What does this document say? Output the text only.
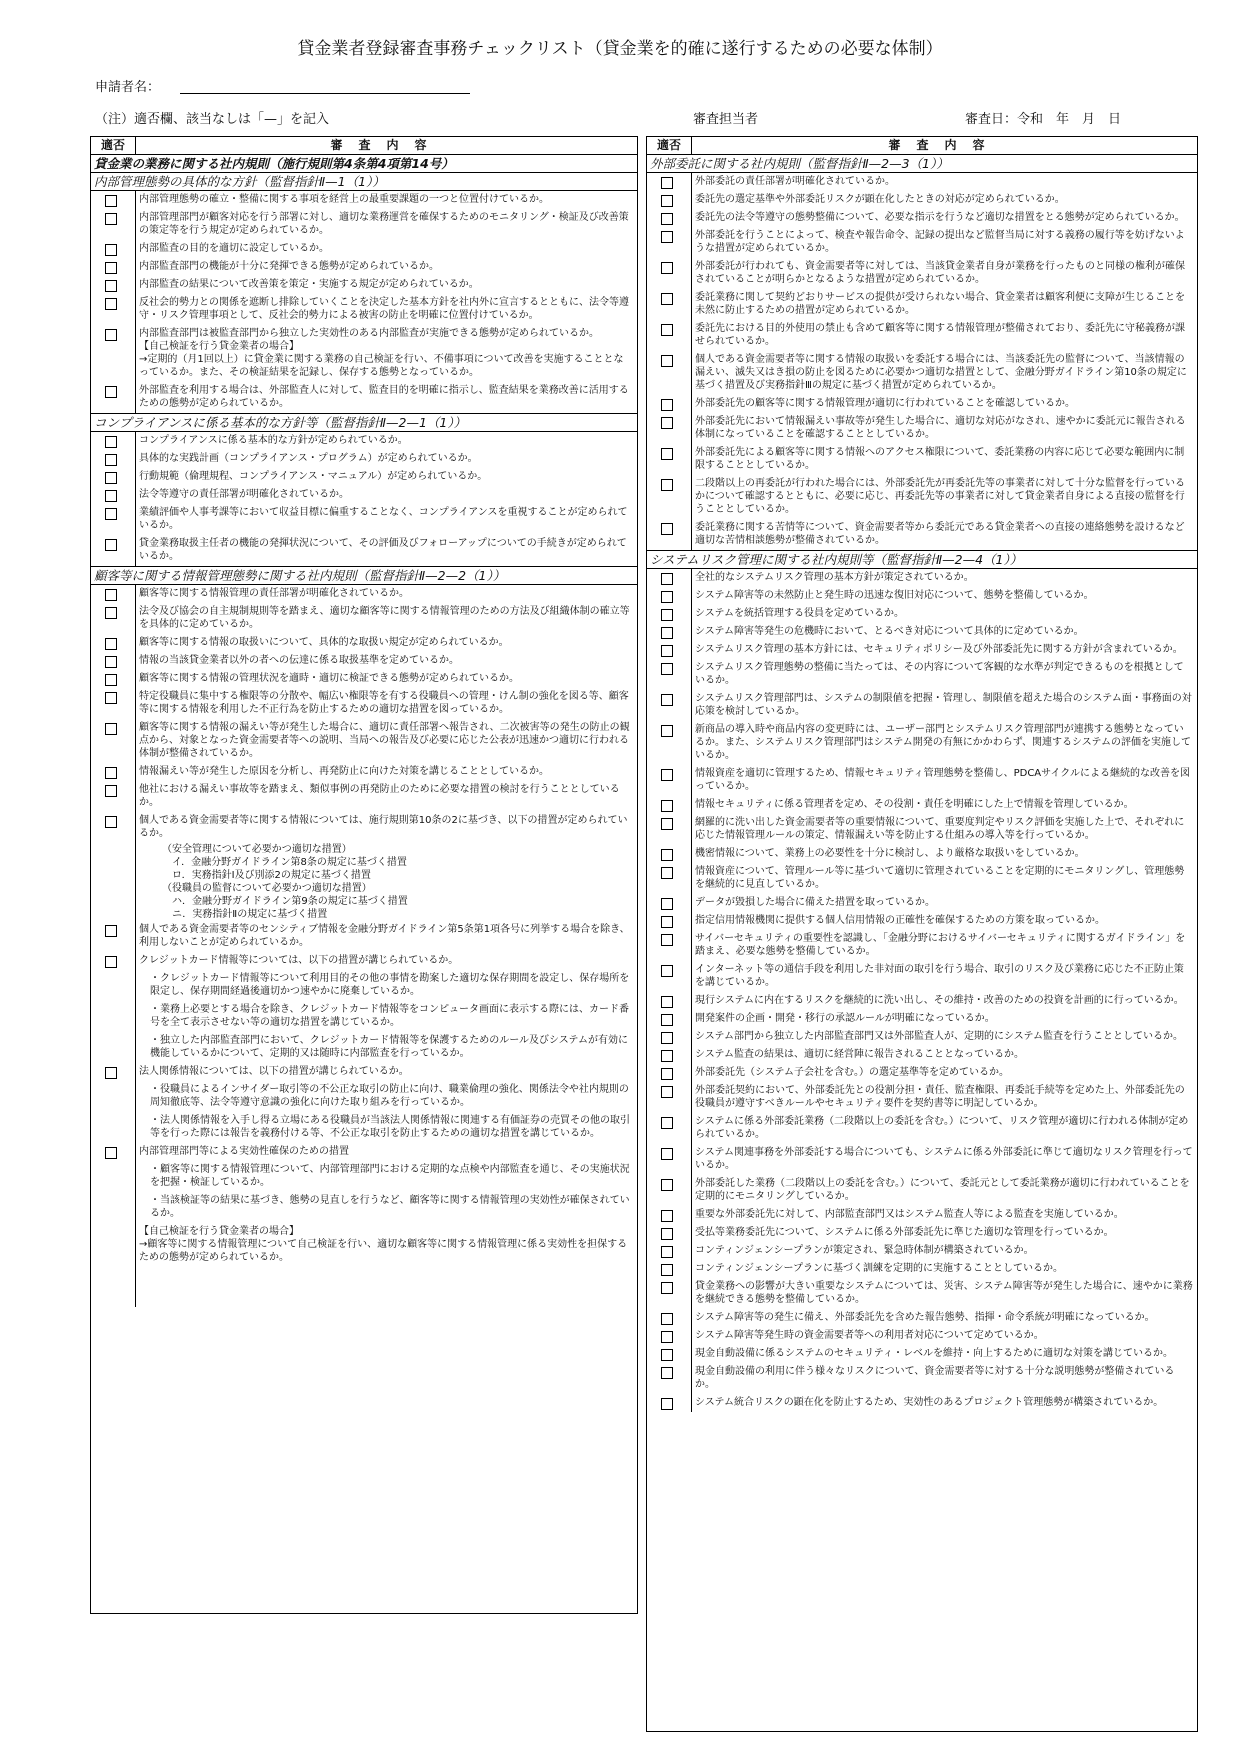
貸金業者登録審査事務チェックリスト（貸金業を的確に遂行するための必要な体制）
申請者名：
（注）適否欄、該当なしは「—」を記入	審査担当者	審査日：令和　年　月　日
適否	審査内容
貸金業の業務に関する社内規則（施行規則第4条第4項第14号）
内部管理態勢の具体的な方針（監督指針Ⅱ—1（1））
内部管理態勢の確立・整備に関する事項を経営上の最重要課題の一つと位置付けているか。
内部管理部門が顧客対応を行う部署に対し、適切な業務運営を確保するためのモニタリング・検証及び改善策の策定等を行う規定が定められているか。
内部監査の目的を適切に設定しているか。
内部監査部門の機能が十分に発揮できる態勢が定められているか。
内部監査の結果について改善策を策定・実施する規定が定められているか。
反社会的勢力との関係を遮断し排除していくことを決定した基本方針を社内外に宣言するとともに、法令等遵守・リスク管理事項として、反社会的勢力による被害の防止を明確に位置付けているか。
内部監査部門は被監査部門から独立した実効性のある内部監査が実施できる態勢が定められているか。
【自己検証を行う貸金業者の場合】
→定期的（月1回以上）に貸金業に関する業務の自己検証を行い、不備事項について改善を実施することとなっているか。また、その検証結果を記録し、保存する態勢となっているか。
外部監査を利用する場合は、外部監査人に対して、監査目的を明確に指示し、監査結果を業務改善に活用するための態勢が定められているか。
コンプライアンスに係る基本的な方針等（監督指針Ⅱ—2—1（1））
コンプライアンスに係る基本的な方針が定められているか。
具体的な実践計画（コンプライアンス・プログラム）が定められているか。
行動規範（倫理規程、コンプライアンス・マニュアル）が定められているか。
法令等遵守の責任部署が明確化されているか。
業績評価や人事考課等において収益目標に偏重することなく、コンプライアンスを重視することが定められているか。
貸金業務取扱主任者の機能の発揮状況について、その評価及びフォローアップについての手続きが定められているか。
顧客等に関する情報管理態勢に関する社内規則（監督指針Ⅱ—2—2（1））
顧客等に関する情報管理の責任部署が明確化されているか。
法令及び協会の自主規制規則等を踏まえ、適切な顧客等に関する情報管理のための方法及び組織体制の確立等を具体的に定めているか。
顧客等に関する情報の取扱いについて、具体的な取扱い規定が定められているか。
情報の当該貸金業者以外の者への伝達に係る取扱基準を定めているか。
顧客等に関する情報の管理状況を適時・適切に検証できる態勢が定められているか。
特定役職員に集中する権限等の分散や、幅広い権限等を有する役職員への管理・けん制の強化を図る等、顧客等に関する情報を利用した不正行為を防止するための適切な措置を図っているか。
顧客等に関する情報の漏えい等が発生した場合に、適切に責任部署へ報告され、二次被害等の発生の防止の観点から、対象となった資金需要者等への説明、当局への報告及び必要に応じた公表が迅速かつ適切に行われる体制が整備されているか。
情報漏えい等が発生した原因を分析し、再発防止に向けた対策を講じることとしているか。
他社における漏えい事故等を踏まえ、類似事例の再発防止のために必要な措置の検討を行うこととしているか。
個人である資金需要者等に関する情報については、施行規則第10条の2に基づき、以下の措置が定められているか。
（安全管理について必要かつ適切な措置）
イ．金融分野ガイドライン第8条の規定に基づく措置
ロ．実務指針Ⅰ及び別添2の規定に基づく措置
（役職員の監督について必要かつ適切な措置）
ハ．金融分野ガイドライン第9条の規定に基づく措置
ニ．実務指針Ⅱの規定に基づく措置
個人である資金需要者等のセンシティブ情報を金融分野ガイドライン第5条第1項各号に列挙する場合を除き、利用しないことが定められているか。
クレジットカード情報等については、以下の措置が講じられているか。
・クレジットカード情報等について利用目的その他の事情を勘案した適切な保存期間を設定し、保存場所を限定し、保存期間経過後適切かつ速やかに廃棄しているか。
・業務上必要とする場合を除き、クレジットカード情報等をコンピュータ画面に表示する際には、カード番号を全て表示させない等の適切な措置を講じているか。
・独立した内部監査部門において、クレジットカード情報等を保護するためのルール及びシステムが有効に機能しているかについて、定期的又は随時に内部監査を行っているか。
法人関係情報については、以下の措置が講じられているか。
・役職員によるインサイダー取引等の不公正な取引の防止に向け、職業倫理の強化、関係法令や社内規則の周知徹底等、法令等遵守意識の強化に向けた取り組みを行っているか。
・法人関係情報を入手し得る立場にある役職員が当該法人関係情報に関連する有価証券の売買その他の取引等を行った際には報告を義務付ける等、不公正な取引を防止するための適切な措置を講じているか。
内部管理部門等による実効性確保のための措置
・顧客等に関する情報管理について、内部管理部門における定期的な点検や内部監査を通じ、その実施状況を把握・検証しているか。
・当該検証等の結果に基づき、態勢の見直しを行うなど、顧客等に関する情報管理の実効性が確保されているか。
【自己検証を行う貸金業者の場合】
→顧客等に関する情報管理について自己検証を行い、適切な顧客等に関する情報管理に係る実効性を担保するための態勢が定められているか。
適否	審査内容
外部委託に関する社内規則（監督指針Ⅱ—2—3（1））
外部委託の責任部署が明確化されているか。
委託先の選定基準や外部委託リスクが顕在化したときの対応が定められているか。
委託先の法令等遵守の態勢整備について、必要な指示を行うなど適切な措置をとる態勢が定められているか。
外部委託を行うことによって、検査や報告命令、記録の提出など監督当局に対する義務の履行等を妨げないような措置が定められているか。
外部委託が行われても、資金需要者等に対しては、当該貸金業者自身が業務を行ったものと同様の権利が確保されていることが明らかとなるような措置が定められているか。
委託業務に関して契約どおりサービスの提供が受けられない場合、貸金業者は顧客利便に支障が生じることを未然に防止するための措置が定められているか。
委託先における目的外使用の禁止も含めて顧客等に関する情報管理が整備されており、委託先に守秘義務が課せられているか。
個人である資金需要者等に関する情報の取扱いを委託する場合には、当該委託先の監督について、当該情報の漏えい、滅失又はき損の防止を図るために必要かつ適切な措置として、金融分野ガイドライン第10条の規定に基づく措置及び実務指針Ⅲの規定に基づく措置が定められているか。
外部委託先の顧客等に関する情報管理が適切に行われていることを確認しているか。
外部委託先において情報漏えい事故等が発生した場合に、適切な対応がなされ、速やかに委託元に報告される体制になっていることを確認することとしているか。
外部委託先による顧客等に関する情報へのアクセス権限について、委託業務の内容に応じて必要な範囲内に制限することとしているか。
二段階以上の再委託が行われた場合には、外部委託先が再委託先等の事業者に対して十分な監督を行っているかについて確認するとともに、必要に応じ、再委託先等の事業者に対して貸金業者自身による直接の監督を行うこととしているか。
委託業務に関する苦情等について、資金需要者等から委託元である貸金業者への直接の連絡態勢を設けるなど適切な苦情相談態勢が整備されているか。
システムリスク管理に関する社内規則等（監督指針Ⅱ—2—4（1））
全社的なシステムリスク管理の基本方針が策定されているか。
システム障害等の未然防止と発生時の迅速な復旧対応について、態勢を整備しているか。
システムを統括管理する役員を定めているか。
システム障害等発生の危機時において、とるべき対応について具体的に定めているか。
システムリスク管理の基本方針には、セキュリティポリシー及び外部委託先に関する方針が含まれているか。
システムリスク管理態勢の整備に当たっては、その内容について客観的な水準が判定できるものを根拠としているか。
システムリスク管理部門は、システムの制限値を把握・管理し、制限値を超えた場合のシステム面・事務面の対応策を検討しているか。
新商品の導入時や商品内容の変更時には、ユーザー部門とシステムリスク管理部門が連携する態勢となっているか。また、システムリスク管理部門はシステム開発の有無にかかわらず、関連するシステムの評価を実施しているか。
情報資産を適切に管理するため、情報セキュリティ管理態勢を整備し、PDCAサイクルによる継続的な改善を図っているか。
情報セキュリティに係る管理者を定め、その役割・責任を明確にした上で情報を管理しているか。
網羅的に洗い出した資金需要者等の重要情報について、重要度判定やリスク評価を実施した上で、それぞれに応じた情報管理ルールの策定、情報漏えい等を防止する仕組みの導入等を行っているか。
機密情報について、業務上の必要性を十分に検討し、より厳格な取扱いをしているか。
情報資産について、管理ルール等に基づいて適切に管理されていることを定期的にモニタリングし、管理態勢を継続的に見直しているか。
データが毀損した場合に備えた措置を取っているか。
指定信用情報機関に提供する個人信用情報の正確性を確保するための方策を取っているか。
サイバーセキュリティの重要性を認識し、「金融分野におけるサイバーセキュリティに関するガイドライン」を踏まえ、必要な態勢を整備しているか。
インターネット等の通信手段を利用した非対面の取引を行う場合、取引のリスク及び業務に応じた不正防止策を講じているか。
現行システムに内在するリスクを継続的に洗い出し、その維持・改善のための投資を計画的に行っているか。
開発案件の企画・開発・移行の承認ルールが明確になっているか。
システム部門から独立した内部監査部門又は外部監査人が、定期的にシステム監査を行うこととしているか。
システム監査の結果は、適切に経営陣に報告されることとなっているか。
外部委託先（システム子会社を含む。）の選定基準等を定めているか。
外部委託契約において、外部委託先との役割分担・責任、監査権限、再委託手続等を定めた上、外部委託先の役職員が遵守すべきルールやセキュリティ要件を契約書等に明記しているか。
システムに係る外部委託業務（二段階以上の委託を含む。）について、リスク管理が適切に行われる体制が定められているか。
システム関連事務を外部委託する場合についても、システムに係る外部委託に準じて適切なリスク管理を行っているか。
外部委託した業務（二段階以上の委託を含む。）について、委託元として委託業務が適切に行われていることを定期的にモニタリングしているか。
重要な外部委託先に対して、内部監査部門又はシステム監査人等による監査を実施しているか。
受払等業務委託先について、システムに係る外部委託先に準じた適切な管理を行っているか。
コンティンジェンシープランが策定され、緊急時体制が構築されているか。
コンティンジェンシープランに基づく訓練を定期的に実施することとしているか。
貸金業務への影響が大きい重要なシステムについては、災害、システム障害等が発生した場合に、速やかに業務を継続できる態勢を整備しているか。
システム障害等の発生に備え、外部委託先を含めた報告態勢、指揮・命令系統が明確になっているか。
システム障害等発生時の資金需要者等への利用者対応について定めているか。
現金自動設備に係るシステムのセキュリティ・レベルを維持・向上するために適切な対策を講じているか。
現金自動設備の利用に伴う様々なリスクについて、資金需要者等に対する十分な説明態勢が整備されているか。
システム統合リスクの顕在化を防止するため、実効性のあるプロジェクト管理態勢が構築されているか。
